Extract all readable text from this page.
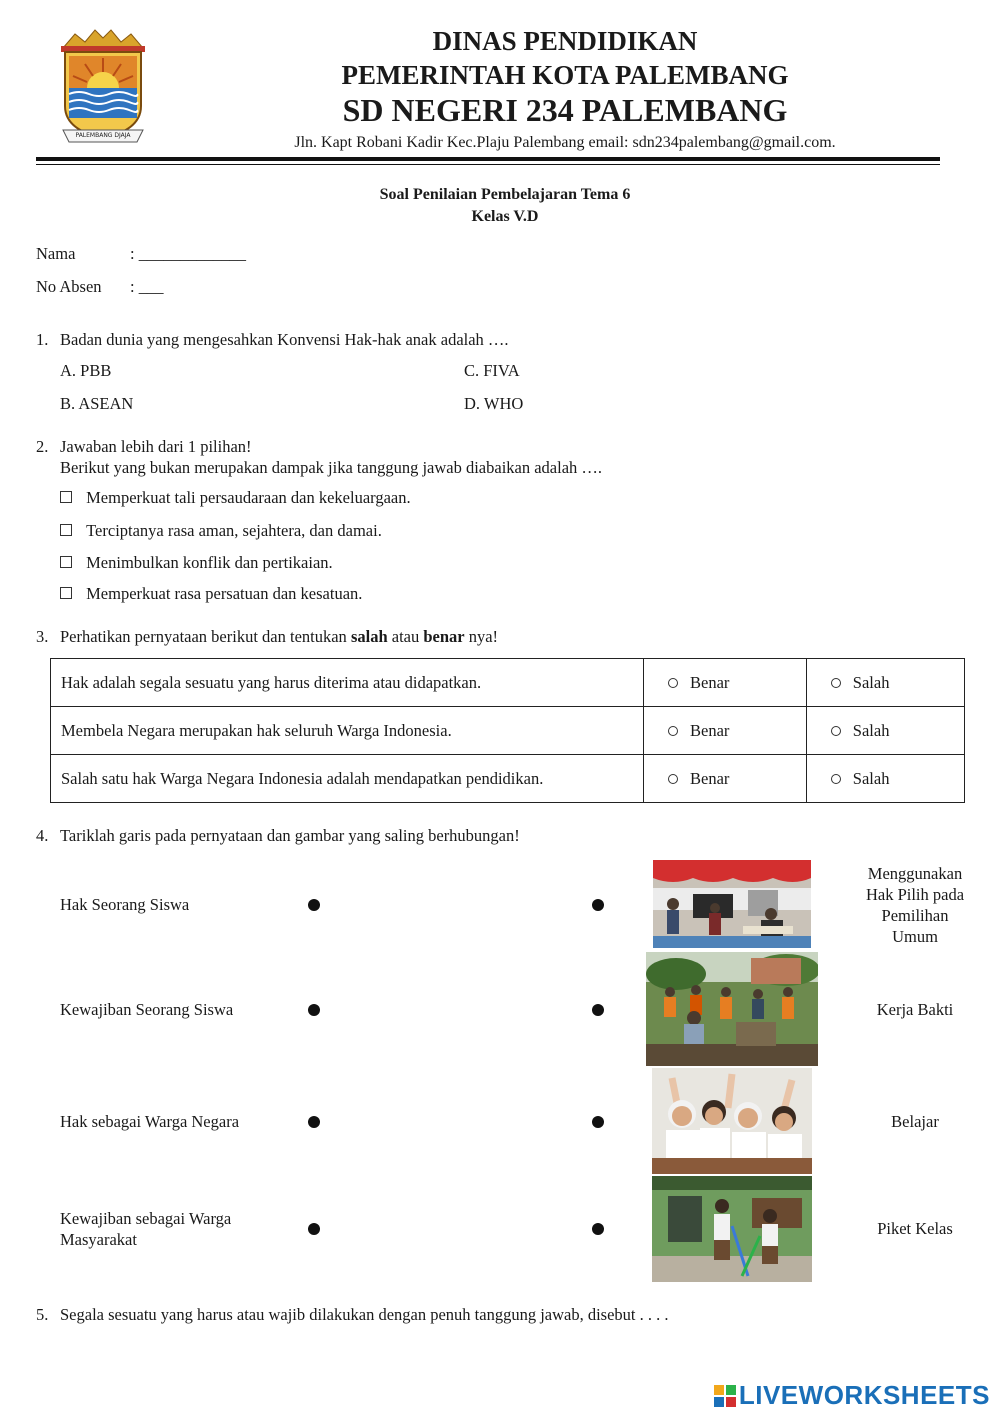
PALEMBANG DJAJA
DINAS PENDIDIKAN
PEMERINTAH KOTA PALEMBANG
SD NEGERI 234 PALEMBANG
Jln. Kapt Robani Kadir Kec.Plaju Palembang email: sdn234palembang@gmail.com.
Soal Penilaian Pembelajaran Tema 6
Kelas V.D
Nama	: _____________
No Absen : ___
1. Badan dunia yang mengesahkan Konvensi Hak-hak anak adalah ….
A. PBB	C. FIVA
B. ASEAN	D. WHO
2. Jawaban lebih dari 1 pilihan!
Berikut yang bukan merupakan dampak jika tanggung jawab diabaikan adalah ….
Memperkuat tali persaudaraan dan kekeluargaan.
Terciptanya rasa aman, sejahtera, dan damai.
Menimbulkan konflik dan pertikaian.
Memperkuat rasa persatuan dan kesatuan.
3. Perhatikan pernyataan berikut dan tentukan salah atau benar nya!
Hak adalah segala sesuatu yang harus diterima atau didapatkan.	Benar	Salah
Membela Negara merupakan hak seluruh Warga Indonesia.	Benar	Salah
Salah satu hak Warga Negara Indonesia adalah mendapatkan pendidikan.	Benar	Salah
4. Tariklah garis pada pernyataan dan gambar yang saling berhubungan!
Hak Seorang Siswa
Kewajiban Seorang Siswa
Hak sebagai Warga Negara
Kewajiban sebagai Warga
Masyarakat
Menggunakan
Hak Pilih pada
Pemilihan
Umum
Kerja Bakti
Belajar
Piket Kelas
5. Segala sesuatu yang harus atau wajib dilakukan dengan penuh tanggung jawab, disebut . . . .
LIVEWORKSHEETS
